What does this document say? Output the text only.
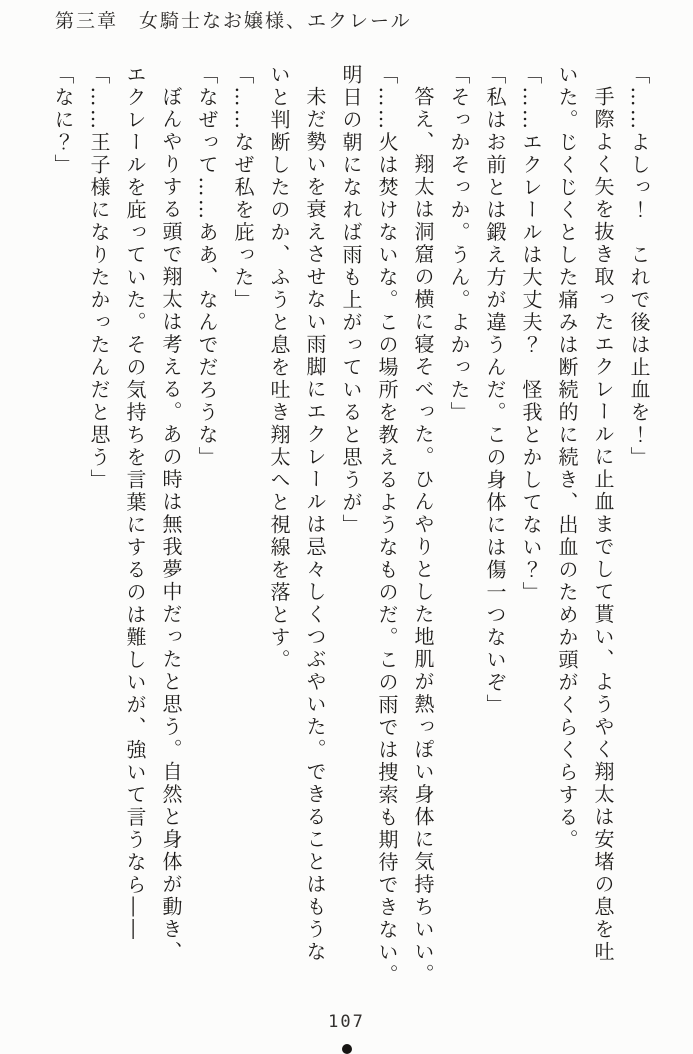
第三章　女騎士なお嬢様、エクレール
「……よしっ！　これで後は止血を！」
手際よく矢を抜き取ったエクレールに止血までして貰い、ようやく翔太は安堵の息を吐
いた。じくじくとした痛みは断続的に続き、出血のためか頭がくらくらする。
「……エクレールは大丈夫？　怪我とかしてない？」
「私はお前とは鍛え方が違うんだ。この身体には傷一つないぞ」
「そっかそっか。うん。よかった」
答え、翔太は洞窟の横に寝そべった。ひんやりとした地肌が熱っぽい身体に気持ちいい。
「……火は焚けないな。この場所を教えるようなものだ。この雨では捜索も期待できない。
明日の朝になれば雨も上がっていると思うが」
未だ勢いを衰えさせない雨脚にエクレールは忌々しくつぶやいた。できることはもうな
いと判断したのか、ふうと息を吐き翔太へと視線を落とす。
「……なぜ私を庇った」
「なぜって……ああ、なんでだろうな」
ぼんやりする頭で翔太は考える。あの時は無我夢中だったと思う。自然と身体が動き、
エクレールを庇っていた。その気持ちを言葉にするのは難しいが、強いて言うなら――
「……王子様になりたかったんだと思う」
「なに？」
107
